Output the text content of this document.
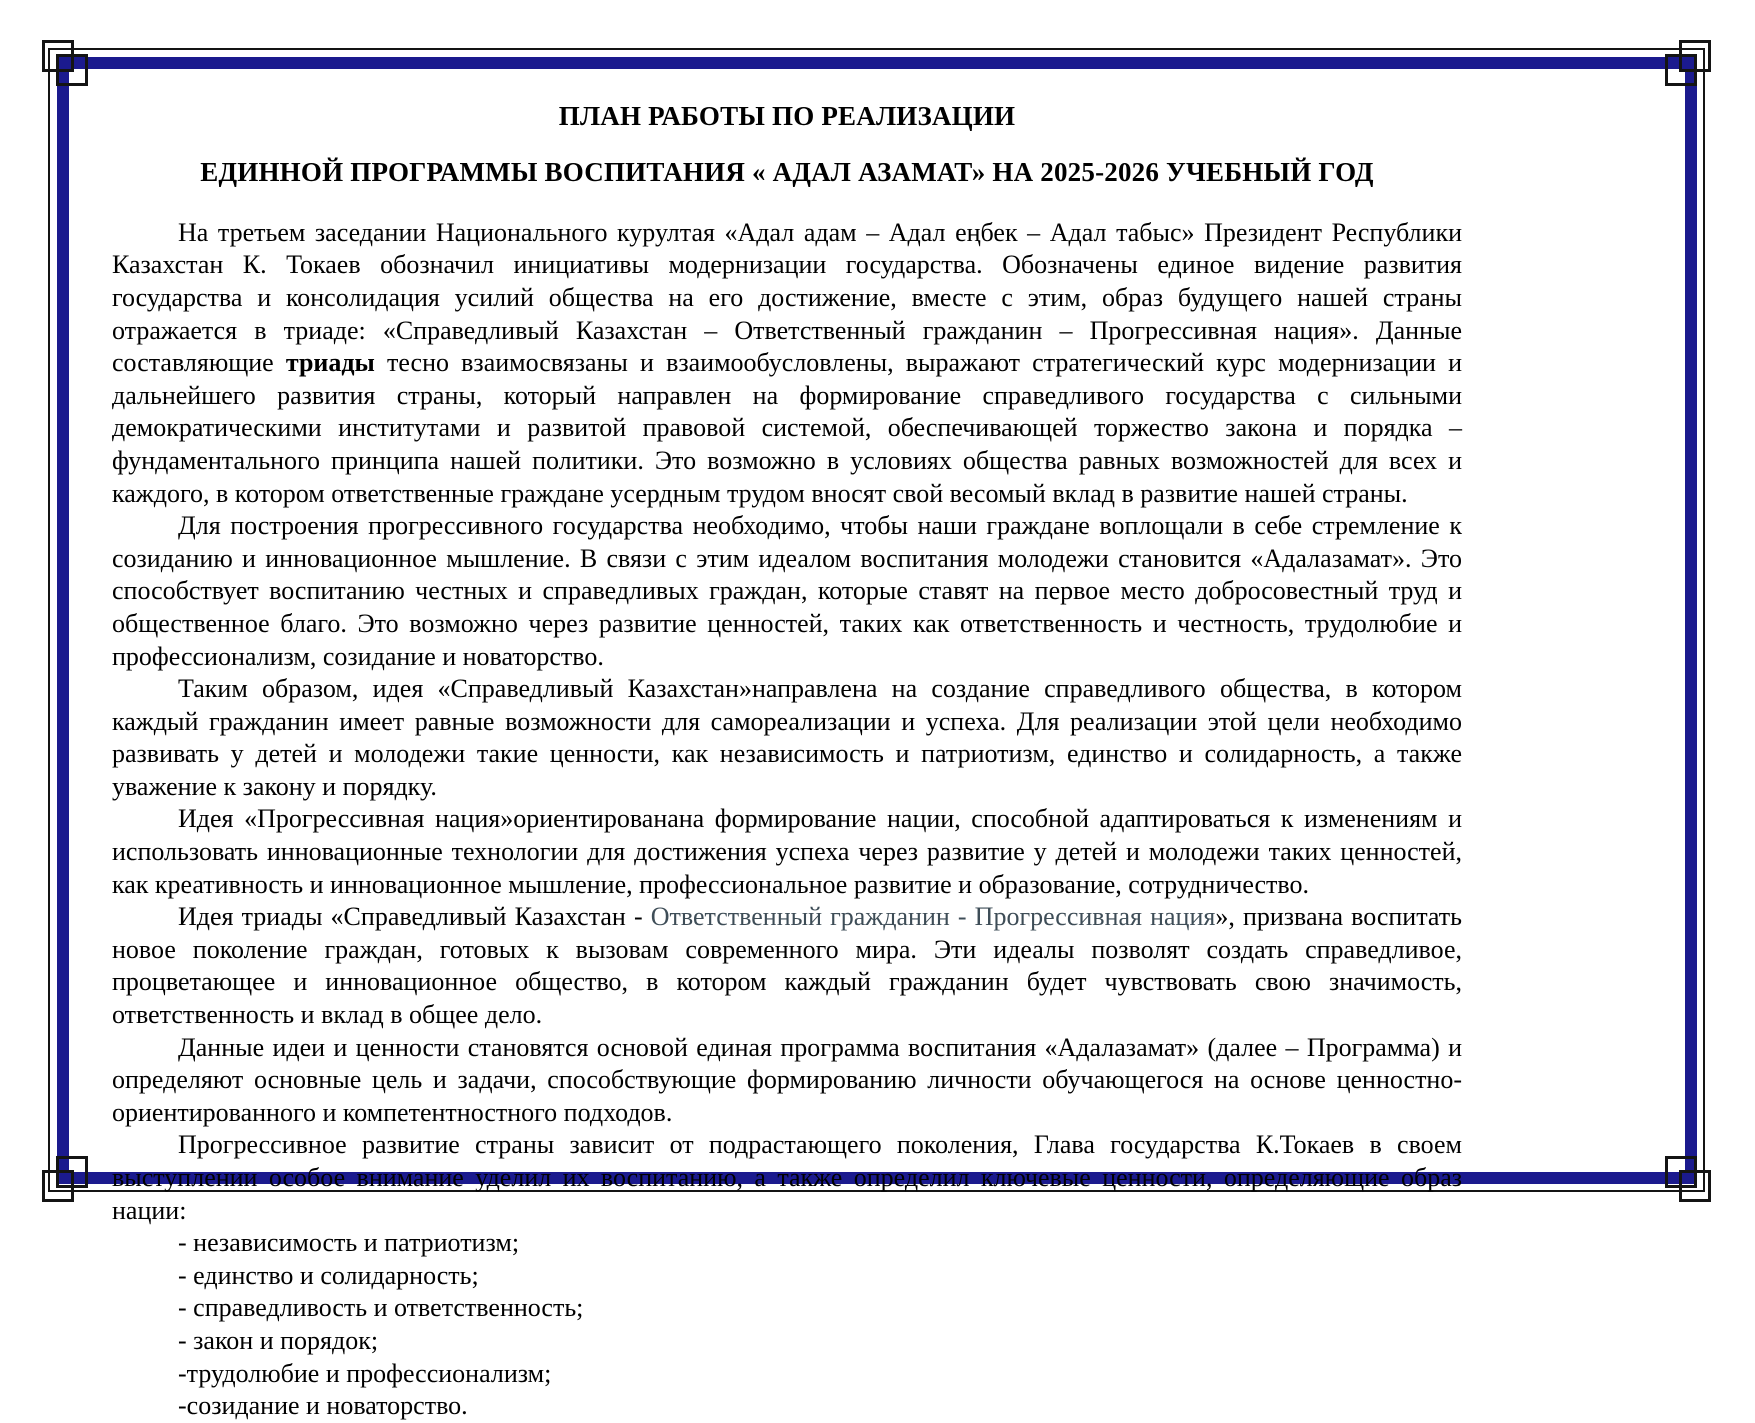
ПЛАН РАБОТЫ ПО РЕАЛИЗАЦИИ
ЕДИННОЙ ПРОГРАММЫ ВОСПИТАНИЯ « АДАЛ АЗАМАТ» НА 2025-2026 УЧЕБНЫЙ ГОД

На третьем заседании Национального курултая «Адал адам – Адал еңбек – Адал табыс» Президент Республики Казахстан К. Токаев обозначил инициативы модернизации государства. Обозначены единое видение развития государства и консолидация усилий общества на его достижение, вместе с этим, образ будущего нашей страны отражается в триаде: «Справедливый Казахстан – Ответственный гражданин – Прогрессивная нация». Данные составляющие триады тесно взаимосвязаны и взаимообусловлены, выражают стратегический курс модернизации и дальнейшего развития страны, который направлен на формирование справедливого государства с сильными демократическими институтами и развитой правовой системой, обеспечивающей торжество закона и порядка – фундаментального принципа нашей политики. Это возможно в условиях общества равных возможностей для всех и каждого, в котором ответственные граждане усердным трудом вносят свой весомый вклад в развитие нашей страны.

Для построения прогрессивного государства необходимо, чтобы наши граждане воплощали в себе стремление к созиданию и инновационное мышление. В связи с этим идеалом воспитания молодежи становится «Адалазамат». Это способствует воспитанию честных и справедливых граждан, которые ставят на первое место добросовестный труд и общественное благо. Это возможно через развитие ценностей, таких как ответственность и честность, трудолюбие и профессионализм, созидание и новаторство.

Таким образом, идея «Справедливый Казахстан»направлена на создание справедливого общества, в котором каждый гражданин имеет равные возможности для самореализации и успеха. Для реализации этой цели необходимо развивать у детей и молодежи такие ценности, как независимость и патриотизм, единство и солидарность, а также уважение к закону и порядку.

Идея «Прогрессивная нация»ориентированана формирование нации, способной адаптироваться к изменениям и использовать инновационные технологии для достижения успеха через развитие у детей и молодежи таких ценностей, как креативность и инновационное мышление, профессиональное развитие и образование, сотрудничество.

Идея триады «Справедливый Казахстан - Ответственный гражданин - Прогрессивная нация», призвана воспитать новое поколение граждан, готовых к вызовам современного мира. Эти идеалы позволят создать справедливое, процветающее и инновационное общество, в котором каждый гражданин будет чувствовать свою значимость, ответственность и вклад в общее дело.

Данные идеи и ценности становятся основой единая программа воспитания «Адалазамат» (далее – Программа) и определяют основные цель и задачи, способствующие формированию личности обучающегося на основе ценностно-ориентированного и компетентностного подходов.

Прогрессивное развитие страны зависит от подрастающего поколения, Глава государства К.Токаев в своем выступлении особое внимание уделил их воспитанию, а также определил ключевые ценности, определяющие образ нации:

- независимость и патриотизм;

- единство и солидарность;

- справедливость и ответственность;

- закон и порядок;

-трудолюбие и профессионализм;

-созидание и новаторство.
